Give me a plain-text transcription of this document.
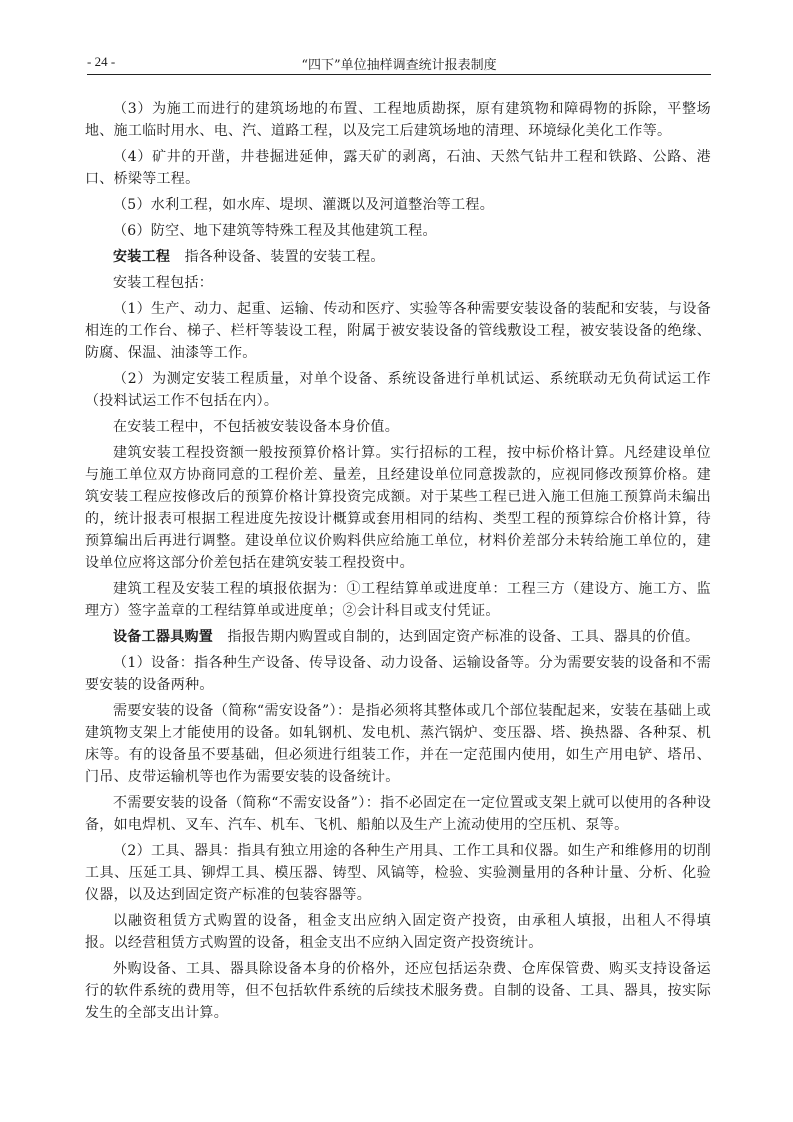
- 24 -	“四下”单位抽样调查统计报表制度

（3）为施工而进行的建筑场地的布置、工程地质勘探，原有建筑物和障碍物的拆除，平整场地、施工临时用水、电、汽、道路工程，以及完工后建筑场地的清理、环境绿化美化工作等。

（4）矿井的开凿，井巷掘进延伸，露天矿的剥离，石油、天然气钻井工程和铁路、公路、港口、桥梁等工程。

（5）水利工程，如水库、堤坝、灌溉以及河道整治等工程。

（6）防空、地下建筑等特殊工程及其他建筑工程。

安装工程　指各种设备、装置的安装工程。

安装工程包括：

（1）生产、动力、起重、运输、传动和医疗、实验等各种需要安装设备的装配和安装，与设备相连的工作台、梯子、栏杆等装设工程，附属于被安装设备的管线敷设工程，被安装设备的绝缘、防腐、保温、油漆等工作。

（2）为测定安装工程质量，对单个设备、系统设备进行单机试运、系统联动无负荷试运工作（投料试运工作不包括在内）。

在安装工程中，不包括被安装设备本身价值。

建筑安装工程投资额一般按预算价格计算。实行招标的工程，按中标价格计算。凡经建设单位与施工单位双方协商同意的工程价差、量差，且经建设单位同意拨款的，应视同修改预算价格。建筑安装工程应按修改后的预算价格计算投资完成额。对于某些工程已进入施工但施工预算尚未编出的，统计报表可根据工程进度先按设计概算或套用相同的结构、类型工程的预算综合价格计算，待预算编出后再进行调整。建设单位议价购料供应给施工单位，材料价差部分未转给施工单位的，建设单位应将这部分价差包括在建筑安装工程投资中。

建筑工程及安装工程的填报依据为：①工程结算单或进度单：工程三方（建设方、施工方、监理方）签字盖章的工程结算单或进度单；②会计科目或支付凭证。

设备工器具购置　指报告期内购置或自制的，达到固定资产标准的设备、工具、器具的价值。

（1）设备：指各种生产设备、传导设备、动力设备、运输设备等。分为需要安装的设备和不需要安装的设备两种。

需要安装的设备（简称“需安设备”）：是指必须将其整体或几个部位装配起来，安装在基础上或建筑物支架上才能使用的设备。如轧钢机、发电机、蒸汽锅炉、变压器、塔、换热器、各种泵、机床等。有的设备虽不要基础，但必须进行组装工作，并在一定范围内使用，如生产用电铲、塔吊、门吊、皮带运输机等也作为需要安装的设备统计。

不需要安装的设备（简称“不需安设备”）：指不必固定在一定位置或支架上就可以使用的各种设备，如电焊机、叉车、汽车、机车、飞机、船舶以及生产上流动使用的空压机、泵等。

（2）工具、器具：指具有独立用途的各种生产用具、工作工具和仪器。如生产和维修用的切削工具、压延工具、铆焊工具、模压器、铸型、风镐等，检验、实验测量用的各种计量、分析、化验仪器，以及达到固定资产标准的包装容器等。

以融资租赁方式购置的设备，租金支出应纳入固定资产投资，由承租人填报，出租人不得填报。以经营租赁方式购置的设备，租金支出不应纳入固定资产投资统计。

外购设备、工具、器具除设备本身的价格外，还应包括运杂费、仓库保管费、购买支持设备运行的软件系统的费用等，但不包括软件系统的后续技术服务费。自制的设备、工具、器具，按实际发生的全部支出计算。
